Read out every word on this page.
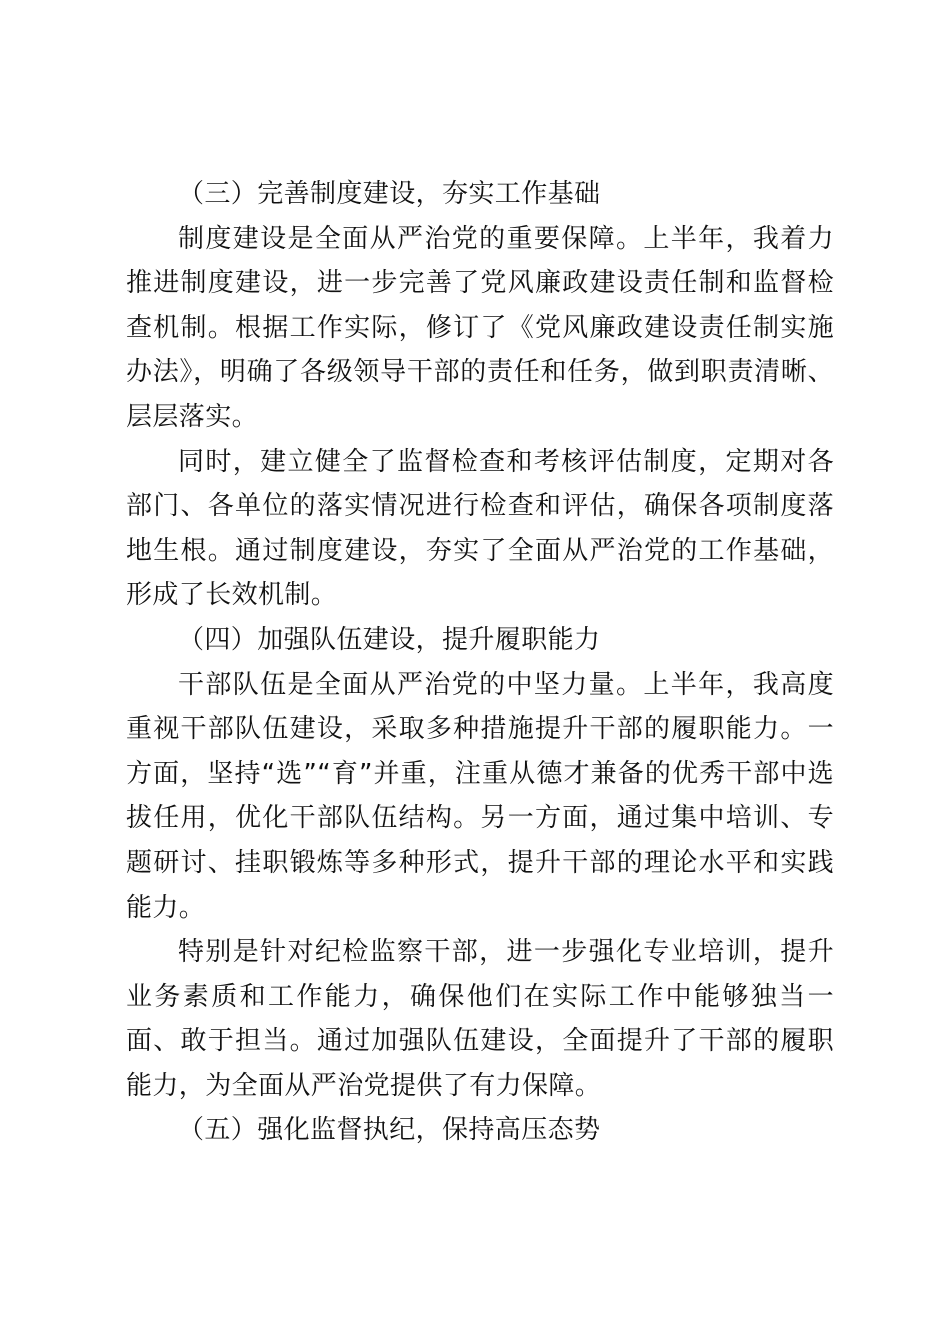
（三）完善制度建设，夯实工作基础

制度建设是全面从严治党的重要保障。上半年，我着力推进制度建设，进一步完善了党风廉政建设责任制和监督检查机制。根据工作实际，修订了《党风廉政建设责任制实施办法》，明确了各级领导干部的责任和任务，做到职责清晰、层层落实。

同时，建立健全了监督检查和考核评估制度，定期对各部门、各单位的落实情况进行检查和评估，确保各项制度落地生根。通过制度建设，夯实了全面从严治党的工作基础，形成了长效机制。

（四）加强队伍建设，提升履职能力

干部队伍是全面从严治党的中坚力量。上半年，我高度重视干部队伍建设，采取多种措施提升干部的履职能力。一方面，坚持“选”“育”并重，注重从德才兼备的优秀干部中选拔任用，优化干部队伍结构。另一方面，通过集中培训、专题研讨、挂职锻炼等多种形式，提升干部的理论水平和实践能力。

特别是针对纪检监察干部，进一步强化专业培训，提升业务素质和工作能力，确保他们在实际工作中能够独当一面、敢于担当。通过加强队伍建设，全面提升了干部的履职能力，为全面从严治党提供了有力保障。

（五）强化监督执纪，保持高压态势
